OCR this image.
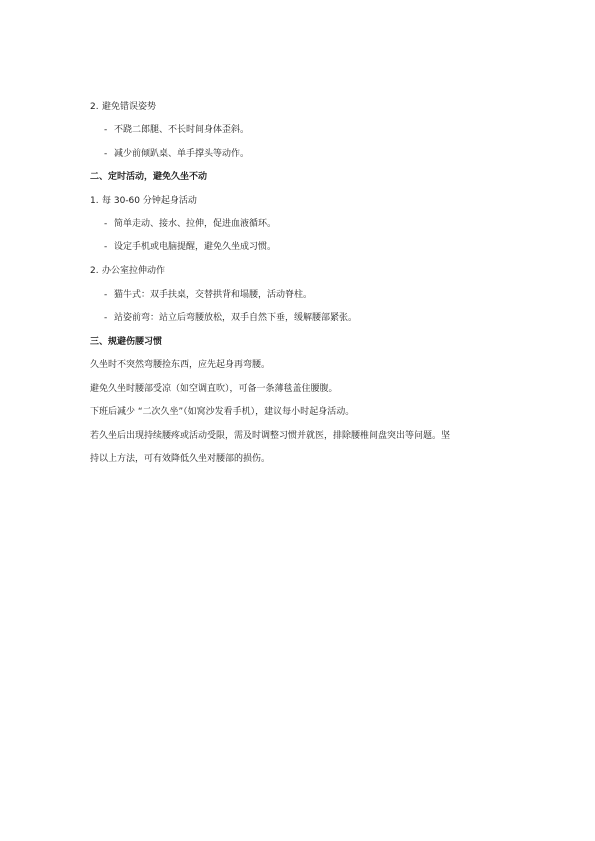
2. 避免错误姿势
- 不跷二郎腿、不长时间身体歪斜。
- 减少前倾趴桌、单手撑头等动作。
二、定时活动，避免久坐不动
1. 每 30-60 分钟起身活动
- 简单走动、接水、拉伸，促进血液循环。
- 设定手机或电脑提醒，避免久坐成习惯。
2. 办公室拉伸动作
- 猫牛式：双手扶桌，交替拱背和塌腰，活动脊柱。
- 站姿前弯：站立后弯腰放松，双手自然下垂，缓解腰部紧张。
三、规避伤腰习惯
久坐时不突然弯腰捡东西，应先起身再弯腰。
避免久坐时腰部受凉（如空调直吹），可备一条薄毯盖住腰腹。
下班后减少 “二次久坐”（如窝沙发看手机），建议每小时起身活动。
若久坐后出现持续腰疼或活动受限，需及时调整习惯并就医，排除腰椎间盘突出等问题。坚
持以上方法，可有效降低久坐对腰部的损伤。
